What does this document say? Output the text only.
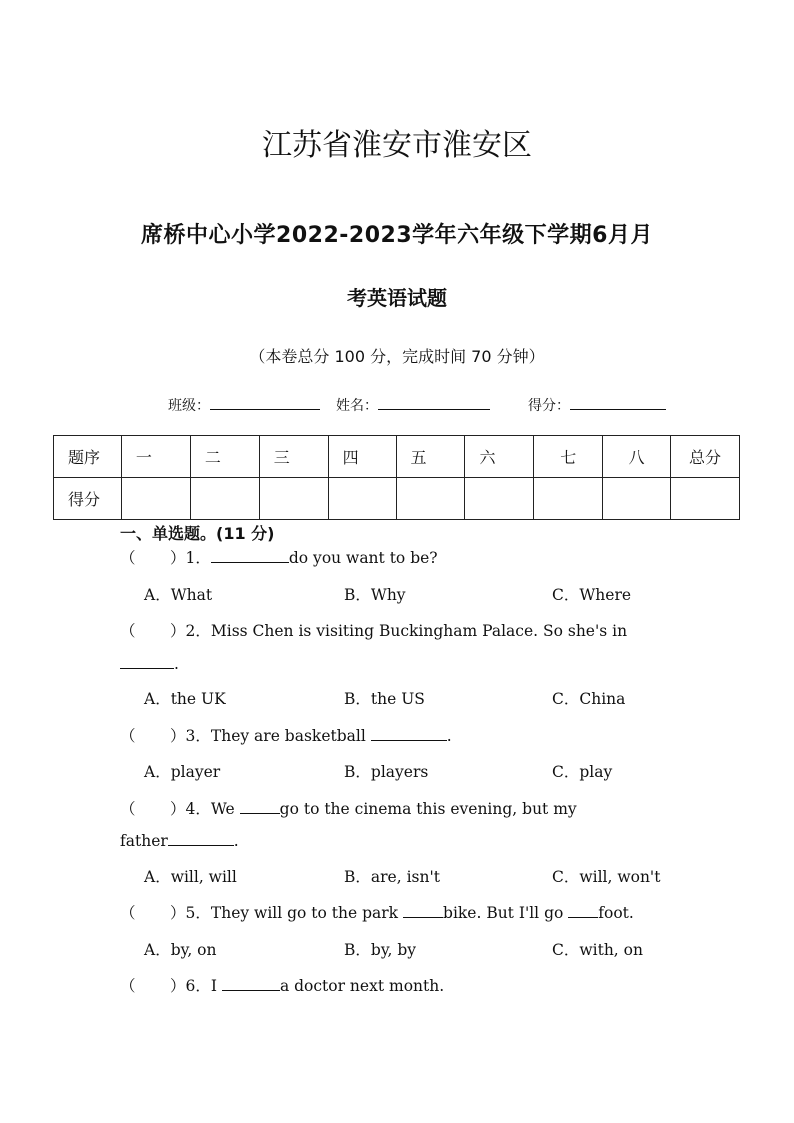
江苏省淮安市淮安区
席桥中心小学2022-2023学年六年级下学期6月月
考英语试题
（本卷总分 100 分，完成时间 70 分钟）
班级：	姓名：	得分：
题序	一	二	三	四	五	六	七	八	总分
得分									
一、单选题。(11 分)
（ ）1．	do you want to be?
A．What	B．Why	C．Where
（ ）2．Miss Chen is visiting Buckingham Palace. So she's in
.
A．the UK	B．the US	C．China
（ ）3．They are basketball	.
A．player	B．players	C．play
（ ）4．We	go to the cinema this evening, but my
father	.
A．will, will	B．are, isn't	C．will, won't
（ ）5．They will go to the park	bike. But I'll go foot.
A．by, on	B．by, by	C．with, on
（ ）6．I	a doctor next month.
